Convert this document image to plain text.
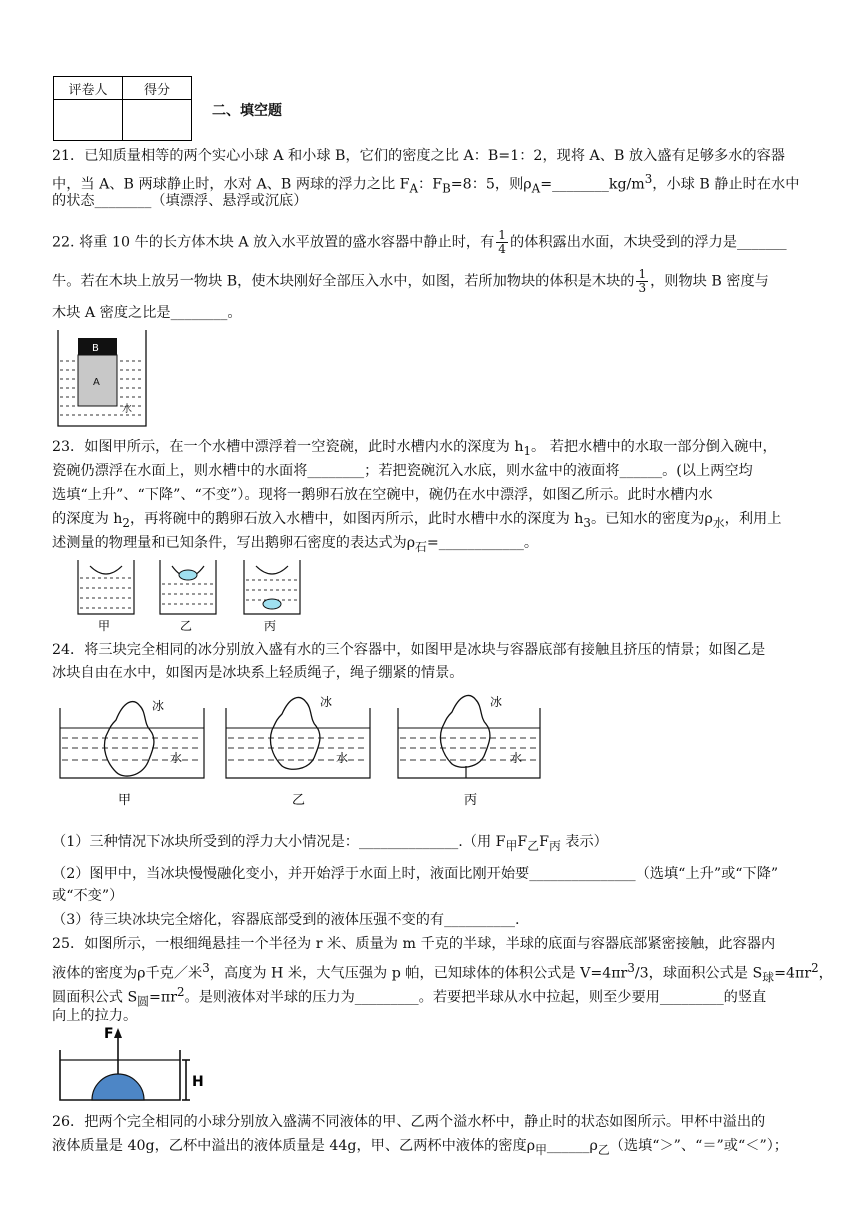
评卷人	得分

二、填空题
21．已知质量相等的两个实心小球 A 和小球 B，它们的密度之比 A：B=1：2，现将 A、B 放入盛有足够多水的容器
中，当 A、B 两球静止时，水对 A、B 两球的浮力之比 $F_A$：$F_B=8$：5，则$\rho_A=\_\_\_\_\_\_\_\_kg/m^3$，小球 B 静止时在水中
的状态________（填漂浮、悬浮或沉底）
22. 将重 10 牛的长方体木块 A 放入水平放置的盛水容器中静止时，有 $\frac{1}{4}$ 的体积露出水面，木块受到的浮力是_______
牛。若在木块上放另一物块 B，使木块刚好全部压入水中，如图，若所加物块的体积是木块的 $\frac{1}{3}$ ，则物块 B 密度与
木块 A 密度之比是________。
B
A
水
23．如图甲所示，在一个水槽中漂浮着一空瓷碗，此时水槽内水的深度为 $h_1$。 若把水槽中的水取一部分倒入碗中，
瓷碗仍漂浮在水面上，则水槽中的水面将________；若把瓷碗沉入水底，则水盆中的液面将______。(以上两空均
选填“上升”、“下降”、“不变”）。现将一鹅卵石放在空碗中，碗仍在水中漂浮，如图乙所示。此时水槽内水
的深度为 $h_2$，再将碗中的鹅卵石放入水槽中，如图丙所示，此时水槽中水的深度为 $h_3$。已知水的密度为$\rho_水$，利用上
述测量的物理量和已知条件，写出鹅卵石密度的表达式为$\rho_石=\_\_\_\_\_\_\_\_\_\_\_\_$。
甲	乙	丙
24．将三块完全相同的冰分别放入盛有水的三个容器中，如图甲是冰块与容器底部有接触且挤压的情景；如图乙是
冰块自由在水中，如图丙是冰块系上轻质绳子，绳子绷紧的情景。
冰
水
冰
水
冰
水
甲	乙	丙
（1）三种情况下冰块所受到的浮力大小情况是：______________.（用 $F_甲F_乙F_丙$ 表示）
（2）图甲中，当冰块慢慢融化变小，并开始浮于水面上时，液面比刚开始要_______________（选填“上升”或“下降”
或“不变”）
（3）待三块冰块完全熔化，容器底部受到的液体压强不变的有__________.
25．如图所示，一根细绳悬挂一个半径为 r 米、质量为 m 千克的半球，半球的底面与容器底部紧密接触，此容器内
液体的密度为ρ千克／米$^3$，高度为 H 米，大气压强为 p 帕，已知球体的体积公式是 $V=4\pi r^3/3$，球面积公式是 $S_球=4\pi r^2$，
圆面积公式 $S_圆=\pi r^2$。是则液体对半球的压力为_________。若要把半球从水中拉起，则至少要用_________的竖直
向上的拉力。
F
H
26．把两个完全相同的小球分别放入盛满不同液体的甲、乙两个溢水杯中，静止时的状态如图所示。甲杯中溢出的
液体质量是 40g，乙杯中溢出的液体质量是 44g，甲、乙两杯中液体的密度$\rho_甲\_\_\_\_\_\_\rho_乙$（选填“＞”、“＝”或“＜”）；
